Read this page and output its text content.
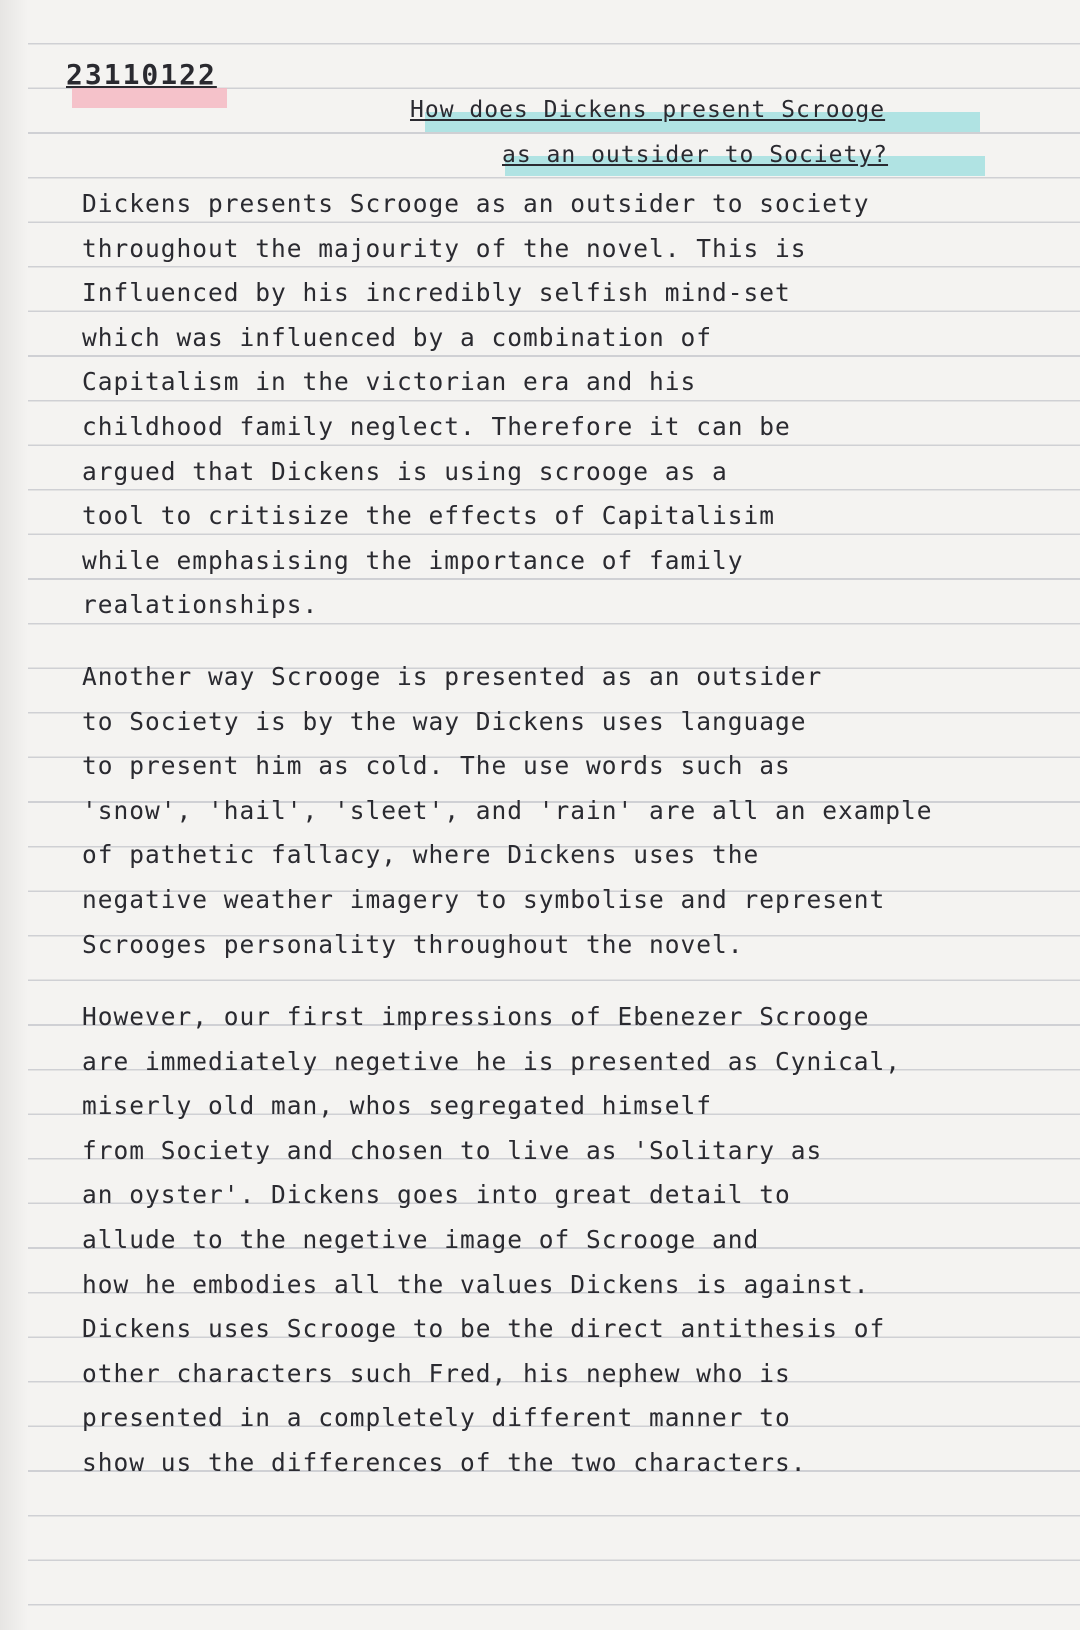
23110122
How does Dickens present Scrooge
as an outsider to Society?
Dickens presents Scrooge as an outsider to society
throughout the majourity of the novel. This is
Influenced by his incredibly selfish mind-set
which was influenced by a combination of
Capitalism in the victorian era and his
childhood family neglect. Therefore it can be
argued that Dickens is using scrooge as a
tool to critisize the effects of Capitalisim
while emphasising the importance of family
realationships.
Another way Scrooge is presented as an outsider
to Society is by the way Dickens uses language
to present him as cold. The use words such as
'snow', 'hail', 'sleet', and 'rain' are all an example
of pathetic fallacy, where Dickens uses the
negative weather imagery to symbolise and represent
Scrooges personality throughout the novel.
However, our first impressions of Ebenezer Scrooge
are immediately negetive he is presented as Cynical,
miserly old man, whos segregated himself
from Society and chosen to live as 'Solitary as
an oyster'. Dickens goes into great detail to
allude to the negetive image of Scrooge and
how he embodies all the values Dickens is against.
Dickens uses Scrooge to be the direct antithesis of
other characters such Fred, his nephew who is
presented in a completely different manner to
show us the differences of the two characters.
